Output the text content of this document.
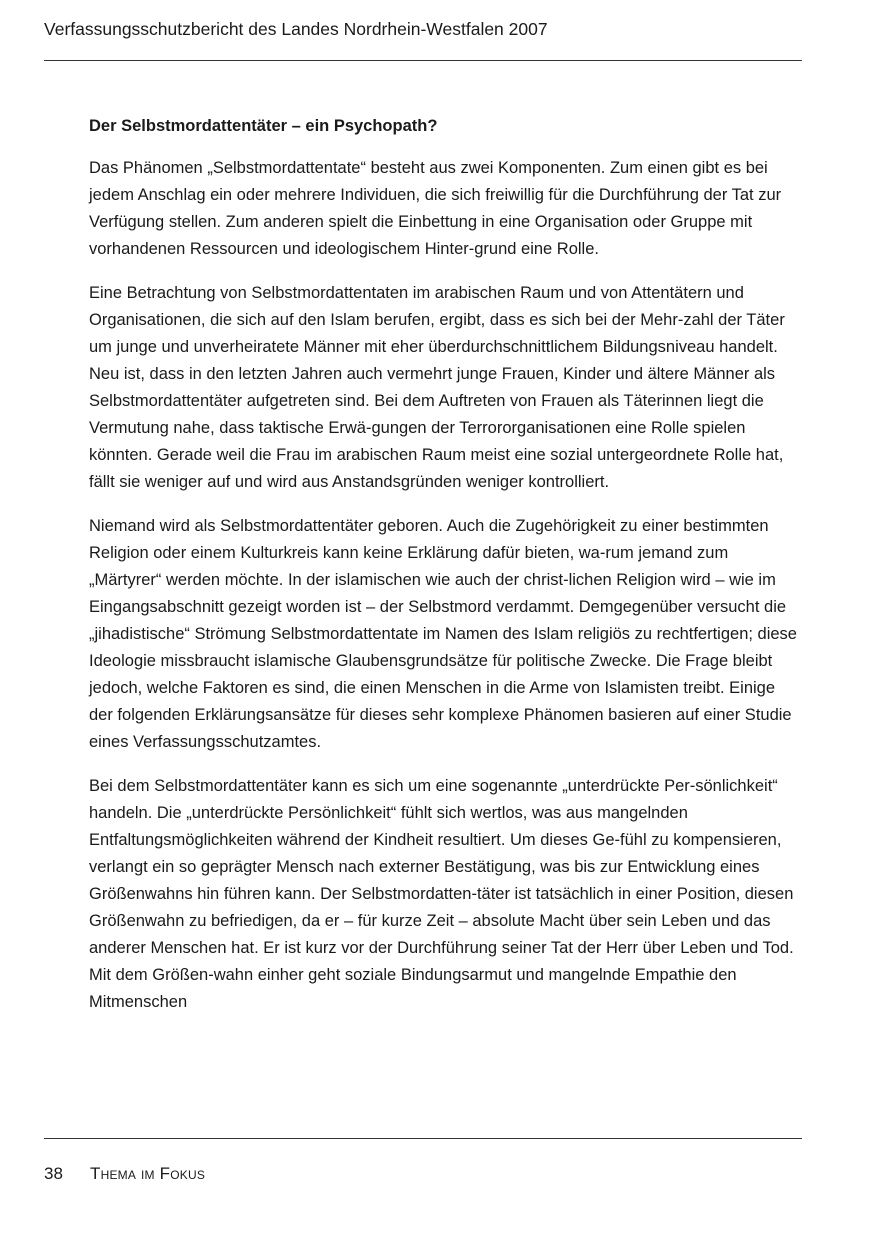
Verfassungsschutzbericht des Landes Nordrhein-Westfalen 2007
Der Selbstmordattentäter – ein Psychopath?

Das Phänomen „Selbstmordattentate“ besteht aus zwei Komponenten. Zum einen gibt es bei jedem Anschlag ein oder mehrere Individuen, die sich freiwillig für die Durchführung der Tat zur Verfügung stellen. Zum anderen spielt die Einbettung in eine Organisation oder Gruppe mit vorhandenen Ressourcen und ideologischem Hinter-grund eine Rolle.

Eine Betrachtung von Selbstmordattentaten im arabischen Raum und von Attentätern und Organisationen, die sich auf den Islam berufen, ergibt, dass es sich bei der Mehr-zahl der Täter um junge und unverheiratete Männer mit eher überdurchschnittlichem Bildungsniveau handelt. Neu ist, dass in den letzten Jahren auch vermehrt junge Frauen, Kinder und ältere Männer als Selbstmordattentäter aufgetreten sind. Bei dem Auftreten von Frauen als Täterinnen liegt die Vermutung nahe, dass taktische Erwä-gungen der Terrororganisationen eine Rolle spielen könnten. Gerade weil die Frau im arabischen Raum meist eine sozial untergeordnete Rolle hat, fällt sie weniger auf und wird aus Anstandsgründen weniger kontrolliert.

Niemand wird als Selbstmordattentäter geboren. Auch die Zugehörigkeit zu einer bestimmten Religion oder einem Kulturkreis kann keine Erklärung dafür bieten, wa-rum jemand zum „Märtyrer“ werden möchte. In der islamischen wie auch der christ-lichen Religion wird – wie im Eingangsabschnitt gezeigt worden ist – der Selbstmord verdammt. Demgegenüber versucht die „jihadistische“ Strömung Selbstmordattentate im Namen des Islam religiös zu rechtfertigen; diese Ideologie missbraucht islamische Glaubensgrundsätze für politische Zwecke. Die Frage bleibt jedoch, welche Faktoren es sind, die einen Menschen in die Arme von Islamisten treibt. Einige der folgenden Erklärungsansätze für dieses sehr komplexe Phänomen basieren auf einer Studie eines Verfassungsschutzamtes.

Bei dem Selbstmordattentäter kann es sich um eine sogenannte „unterdrückte Per-sönlichkeit“ handeln. Die „unterdrückte Persönlichkeit“ fühlt sich wertlos, was aus mangelnden Entfaltungsmöglichkeiten während der Kindheit resultiert. Um dieses Ge-fühl zu kompensieren, verlangt ein so geprägter Mensch nach externer Bestätigung, was bis zur Entwicklung eines Größenwahns hin führen kann. Der Selbstmordatten-täter ist tatsächlich in einer Position, diesen Größenwahn zu befriedigen, da er – für kurze Zeit – absolute Macht über sein Leben und das anderer Menschen hat. Er ist kurz vor der Durchführung seiner Tat der Herr über Leben und Tod. Mit dem Größen-wahn einher geht soziale Bindungsarmut und mangelnde Empathie den Mitmenschen

38 Thema im Fokus
